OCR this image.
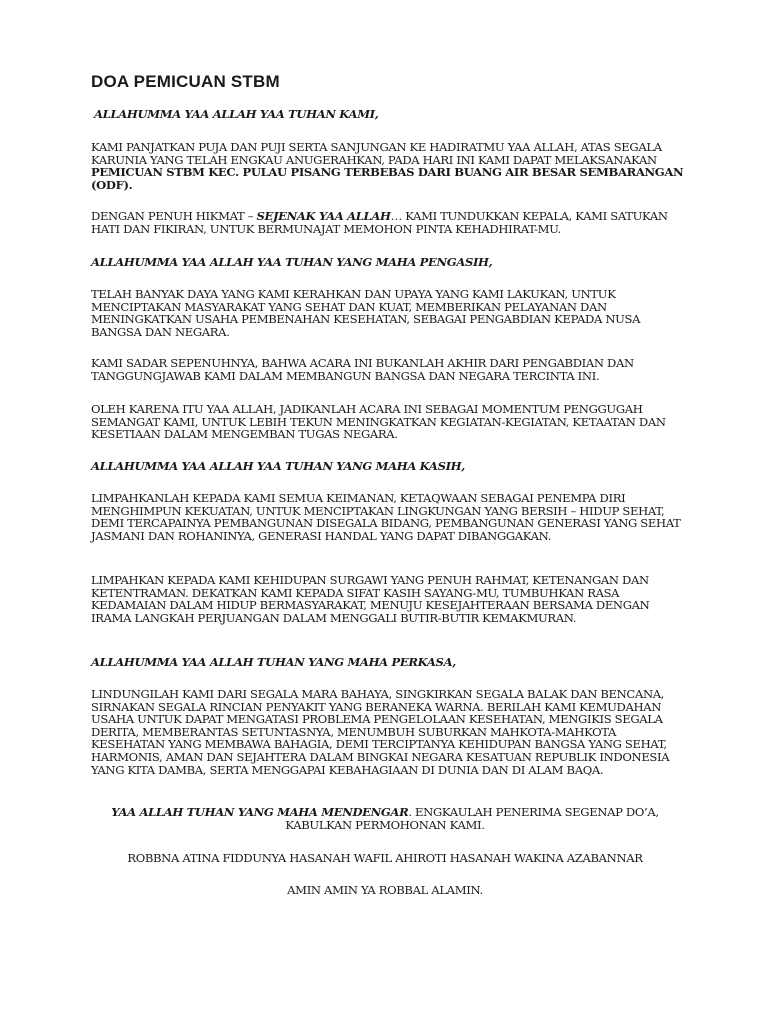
DOA PEMICUAN STBM

ALLAHUMMA YAA ALLAH YAA TUHAN KAMI,

KAMI PANJATKAN PUJA DAN PUJI SERTA SANJUNGAN KE HADIRATMU YAA ALLAH, ATAS SEGALA KARUNIA YANG TELAH ENGKAU ANUGERAHKAN, PADA HARI INI KAMI DAPAT MELAKSANAKAN PEMICUAN STBM KEC. PULAU PISANG TERBEBAS DARI BUANG AIR BESAR SEMBARANGAN (ODF).

DENGAN PENUH HIKMAT – SEJENAK YAA ALLAH… KAMI TUNDUKKAN KEPALA, KAMI SATUKAN HATI DAN FIKIRAN, UNTUK BERMUNAJAT MEMOHON PINTA KEHADHIRAT-MU.

ALLAHUMMA YAA ALLAH YAA TUHAN YANG MAHA PENGASIH,

TELAH BANYAK DAYA YANG KAMI KERAHKAN DAN UPAYA YANG KAMI LAKUKAN, UNTUK MENCIPTAKAN MASYARAKAT YANG SEHAT DAN KUAT, MEMBERIKAN PELAYANAN DAN MENINGKATKAN USAHA PEMBENAHAN KESEHATAN, SEBAGAI PENGABDIAN KEPADA NUSA BANGSA DAN NEGARA.

KAMI SADAR SEPENUHNYA, BAHWA ACARA INI BUKANLAH AKHIR DARI PENGABDIAN DAN TANGGUNGJAWAB KAMI DALAM MEMBANGUN BANGSA DAN NEGARA TERCINTA INI.

OLEH KARENA ITU YAA ALLAH, JADIKANLAH ACARA INI SEBAGAI MOMENTUM PENGGUGAH SEMANGAT KAMI, UNTUK LEBIH TEKUN MENINGKATKAN KEGIATAN-KEGIATAN, KETAATAN DAN KESETIAAN DALAM MENGEMBAN TUGAS NEGARA.

ALLAHUMMA YAA ALLAH YAA TUHAN YANG MAHA KASIH,

LIMPAHKANLAH KEPADA KAMI SEMUA KEIMANAN, KETAQWAAN SEBAGAI PENEMPA DIRI MENGHIMPUN KEKUATAN, UNTUK MENCIPTAKAN LINGKUNGAN YANG BERSIH – HIDUP SEHAT, DEMI TERCAPAINYA PEMBANGUNAN DISEGALA BIDANG, PEMBANGUNAN GENERASI YANG SEHAT JASMANI DAN ROHANINYA, GENERASI HANDAL YANG DAPAT DIBANGGAKAN.

LIMPAHKAN KEPADA KAMI KEHIDUPAN SURGAWI YANG PENUH RAHMAT, KETENANGAN DAN KETENTRAMAN. DEKATKAN KAMI KEPADA SIFAT KASIH SAYANG-MU, TUMBUHKAN RASA KEDAMAIAN DALAM HIDUP BERMASYARAKAT, MENUJU KESEJAHTERAAN BERSAMA DENGAN IRAMA LANGKAH PERJUANGAN DALAM MENGGALI BUTIR-BUTIR KEMAKMURAN.

ALLAHUMMA YAA ALLAH TUHAN YANG MAHA PERKASA,

LINDUNGILAH KAMI DARI SEGALA MARA BAHAYA, SINGKIRKAN SEGALA BALAK DAN BENCANA, SIRNAKAN SEGALA RINCIAN PENYAKIT YANG BERANEKA WARNA. BERILAH KAMI KEMUDAHAN USAHA UNTUK DAPAT MENGATASI PROBLEMA PENGELOLAAN KESEHATAN, MENGIKIS SEGALA DERITA, MEMBERANTAS SETUNTASNYA, MENUMBUH SUBURKAN MAHKOTA-MAHKOTA KESEHATAN YANG MEMBAWA BAHAGIA, DEMI TERCIPTANYA KEHIDUPAN BANGSA YANG SEHAT, HARMONIS, AMAN DAN SEJAHTERA DALAM BINGKAI NEGARA KESATUAN REPUBLIK INDONESIA YANG KITA DAMBA, SERTA MENGGAPAI KEBAHAGIAAN DI DUNIA DAN DI ALAM BAQA.

YAA ALLAH TUHAN YANG MAHA MENDENGAR. ENGKAULAH PENERIMA SEGENAP DO’A, KABULKAN PERMOHONAN KAMI.

ROBBNA ATINA FIDDUNYA HASANAH WAFIL AHIROTI HASANAH WAKINA AZABANNAR

AMIN AMIN YA ROBBAL ALAMIN.
